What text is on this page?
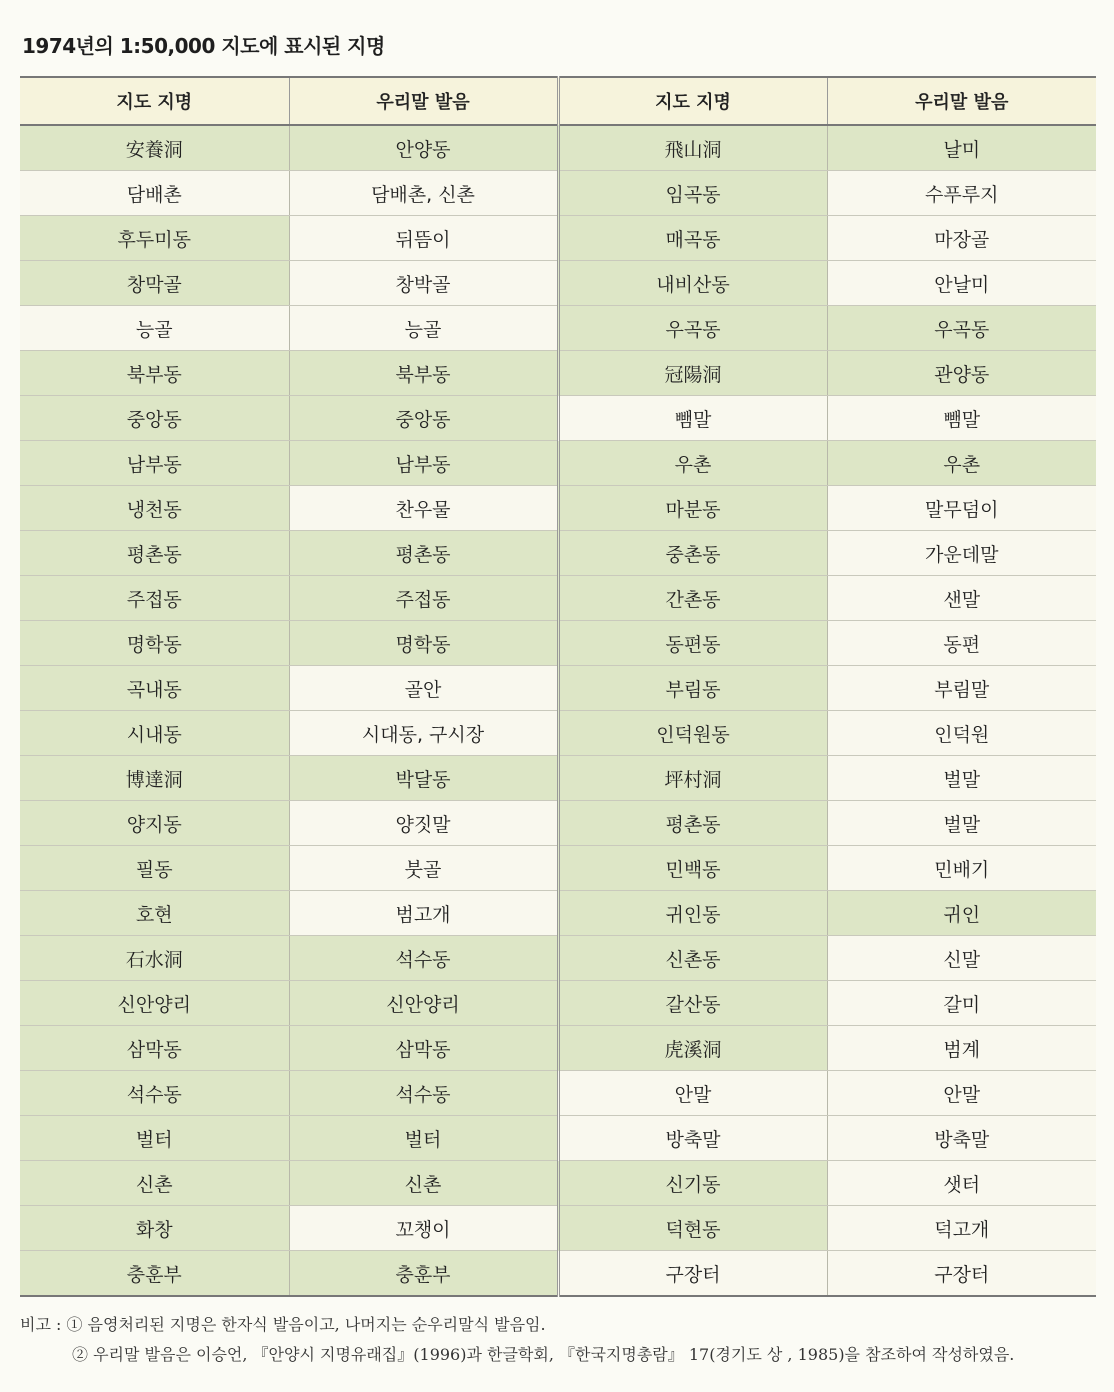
1974년의 1:50,000 지도에 표시된 지명
지도 지명	우리말 발음	지도 지명	우리말 발음
安養洞	안양동	飛山洞	날미
담배촌	담배촌, 신촌	임곡동	수푸루지
후두미동	뒤뜸이	매곡동	마장골
창막골	창박골	내비산동	안날미
능골	능골	우곡동	우곡동
북부동	북부동	冠陽洞	관양동
중앙동	중앙동	뺌말	뺌말
남부동	남부동	우촌	우촌
냉천동	찬우물	마분동	말무덤이
평촌동	평촌동	중촌동	가운데말
주접동	주접동	간촌동	샌말
명학동	명학동	동편동	동편
곡내동	골안	부림동	부림말
시내동	시대동, 구시장	인덕원동	인덕원
博達洞	박달동	坪村洞	벌말
양지동	양짓말	평촌동	벌말
필동	붓골	민백동	민배기
호현	범고개	귀인동	귀인
石水洞	석수동	신촌동	신말
신안양리	신안양리	갈산동	갈미
삼막동	삼막동	虎溪洞	범계
석수동	석수동	안말	안말
벌터	벌터	방축말	방축말
신촌	신촌	신기동	샛터
화창	꼬챙이	덕현동	덕고개
충훈부	충훈부	구장터	구장터
비고 : ① 음영처리된 지명은 한자식 발음이고, 나머지는 순우리말식 발음임.
② 우리말 발음은 이승언, 『안양시 지명유래집』(1996)과 한글학회, 『한국지명총람』 17(경기도 상 , 1985)을 참조하여 작성하였음.
